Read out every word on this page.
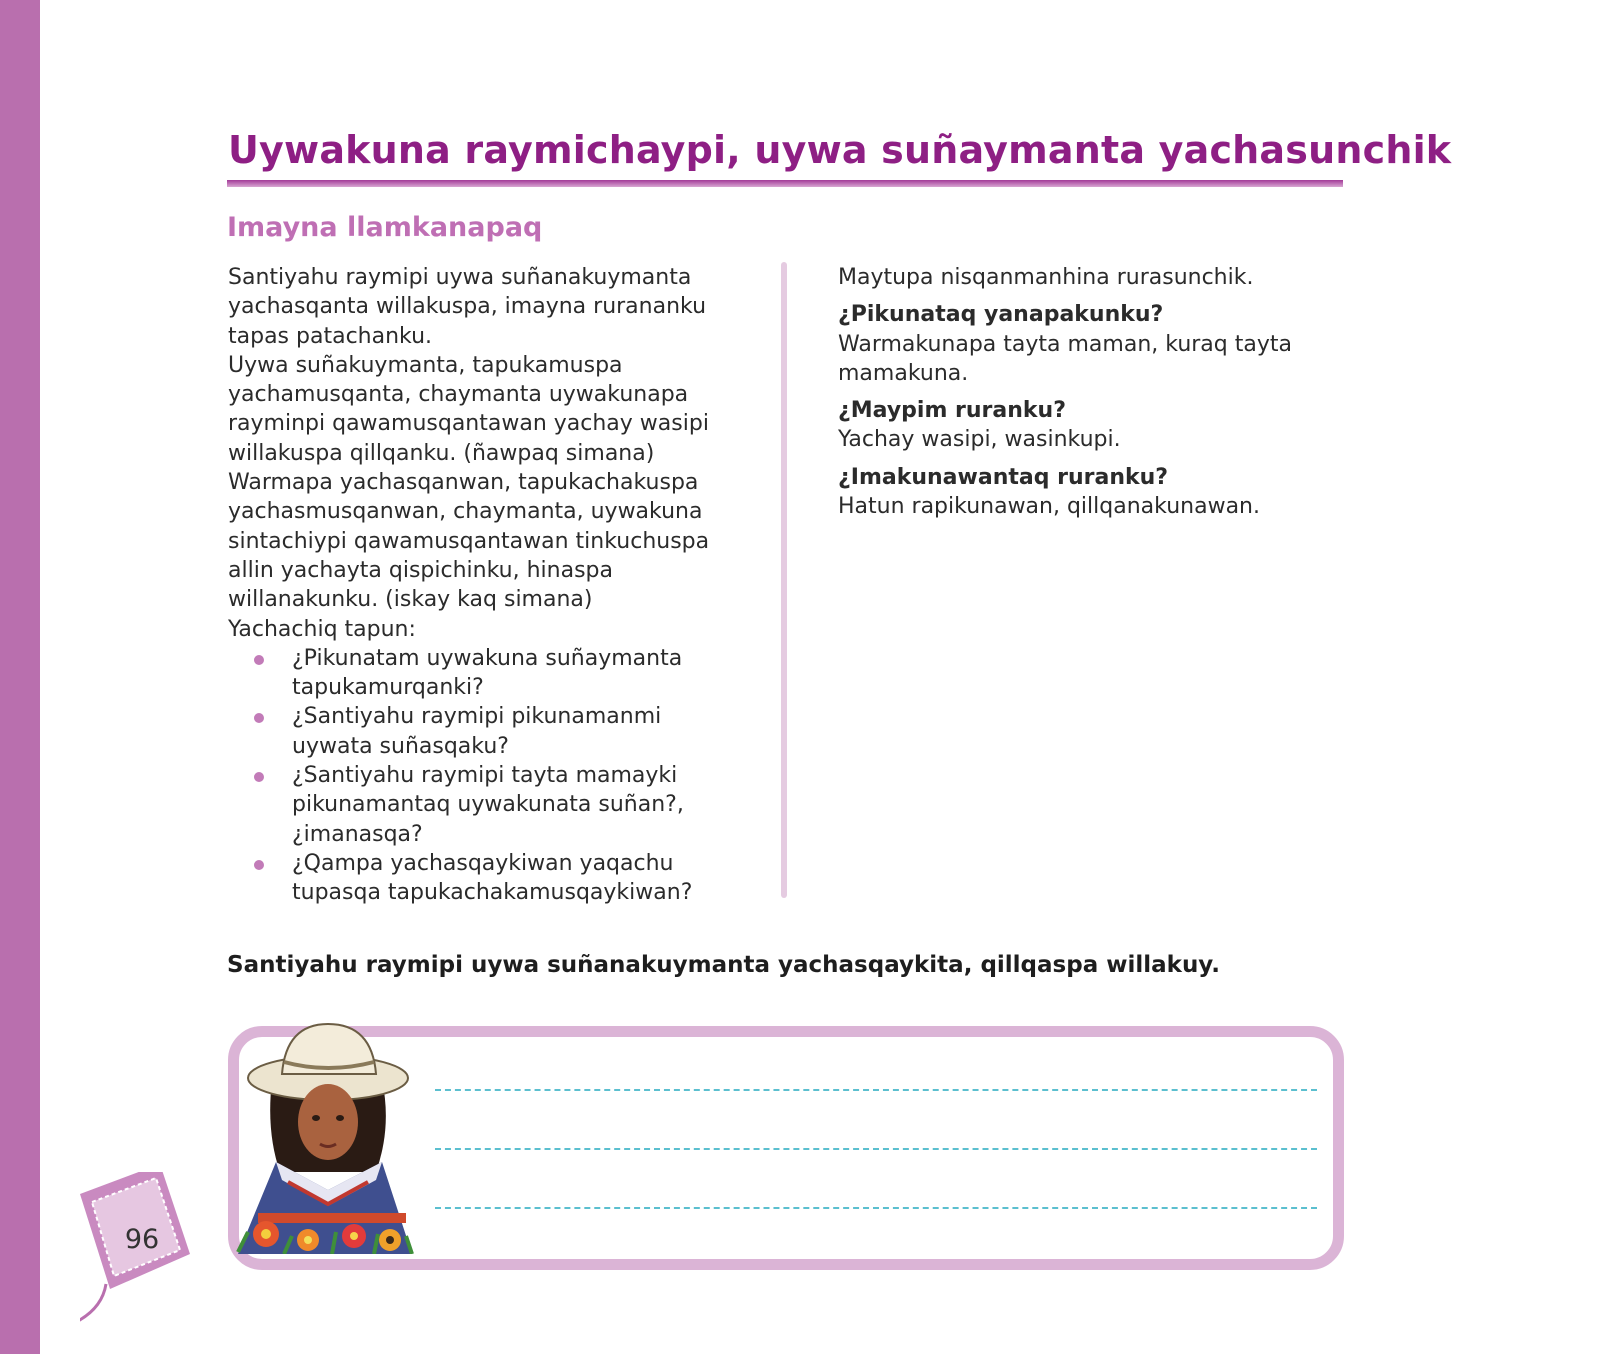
Uywakuna raymichaypi, uywa suñaymanta yachasunchik
Imayna llamkanapaq

Santiyahu raymipi uywa suñanakuymanta yachasqanta willakuspa, imayna rurananku tapas patachanku.

Uywa suñakuymanta, tapukamuspa yachamusqanta, chaymanta uywakunapa rayminpi qawamusqantawan yachay wasipi willakuspa qillqanku. (ñawpaq simana)

Warmapa yachasqanwan, tapukachakuspa yachasmusqanwan, chaymanta, uywakuna sintachiypi qawamusqantawan tinkuchuspa allin yachayta qispichinku, hinaspa willanakunku. (iskay kaq simana)

Yachachiq tapun:

¿Pikunatam uywakuna suñaymanta tapukamurqanki?
¿Santiyahu raymipi pikunamanmi uywata suñasqaku?
¿Santiyahu raymipi tayta mamayki pikunamantaq uywakunata suñan?, ¿imanasqa?
¿Qampa yachasqaykiwan yaqachu tupasqa tapukachakamusqaykiwan?

Maytupa nisqanmanhina rurasunchik.

¿Pikunataq yanapakunku?

Warmakunapa tayta maman, kuraq tayta mamakuna.

¿Maypim ruranku?

Yachay wasipi, wasinkupi.

¿Imakunawantaq ruranku?

Hatun rapikunawan, qillqanakunawan.

Santiyahu raymipi uywa suñanakuymanta yachasqaykita, qillqaspa willakuy.

96
